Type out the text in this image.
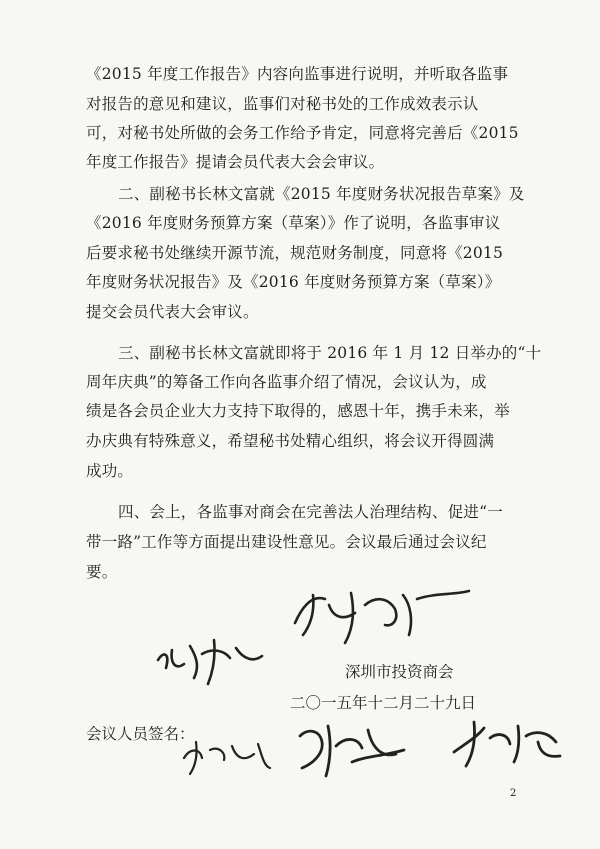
《2015 年度工作报告》内容向监事进行说明，并听取各监事
对报告的意见和建议，监事们对秘书处的工作成效表示认
可，对秘书处所做的会务工作给予肯定，同意将完善后《2015
年度工作报告》提请会员代表大会会审议。
二、副秘书长林文富就《2015 年度财务状况报告草案》及
《2016 年度财务预算方案（草案）》作了说明，各监事审议
后要求秘书处继续开源节流，规范财务制度，同意将《2015
年度财务状况报告》及《2016 年度财务预算方案（草案）》
提交会员代表大会审议。
三、副秘书长林文富就即将于 2016 年 1 月 12 日举办的“十
周年庆典”的筹备工作向各监事介绍了情况，会议认为，成
绩是各会员企业大力支持下取得的，感恩十年，携手未来，举
办庆典有特殊意义，希望秘书处精心组织，将会议开得圆满
成功。
四、会上，各监事对商会在完善法人治理结构、促进“一
带一路”工作等方面提出建设性意见。会议最后通过会议纪
要。
深圳市投资商会
二〇一五年十二月二十九日
会议人员签名：
2
